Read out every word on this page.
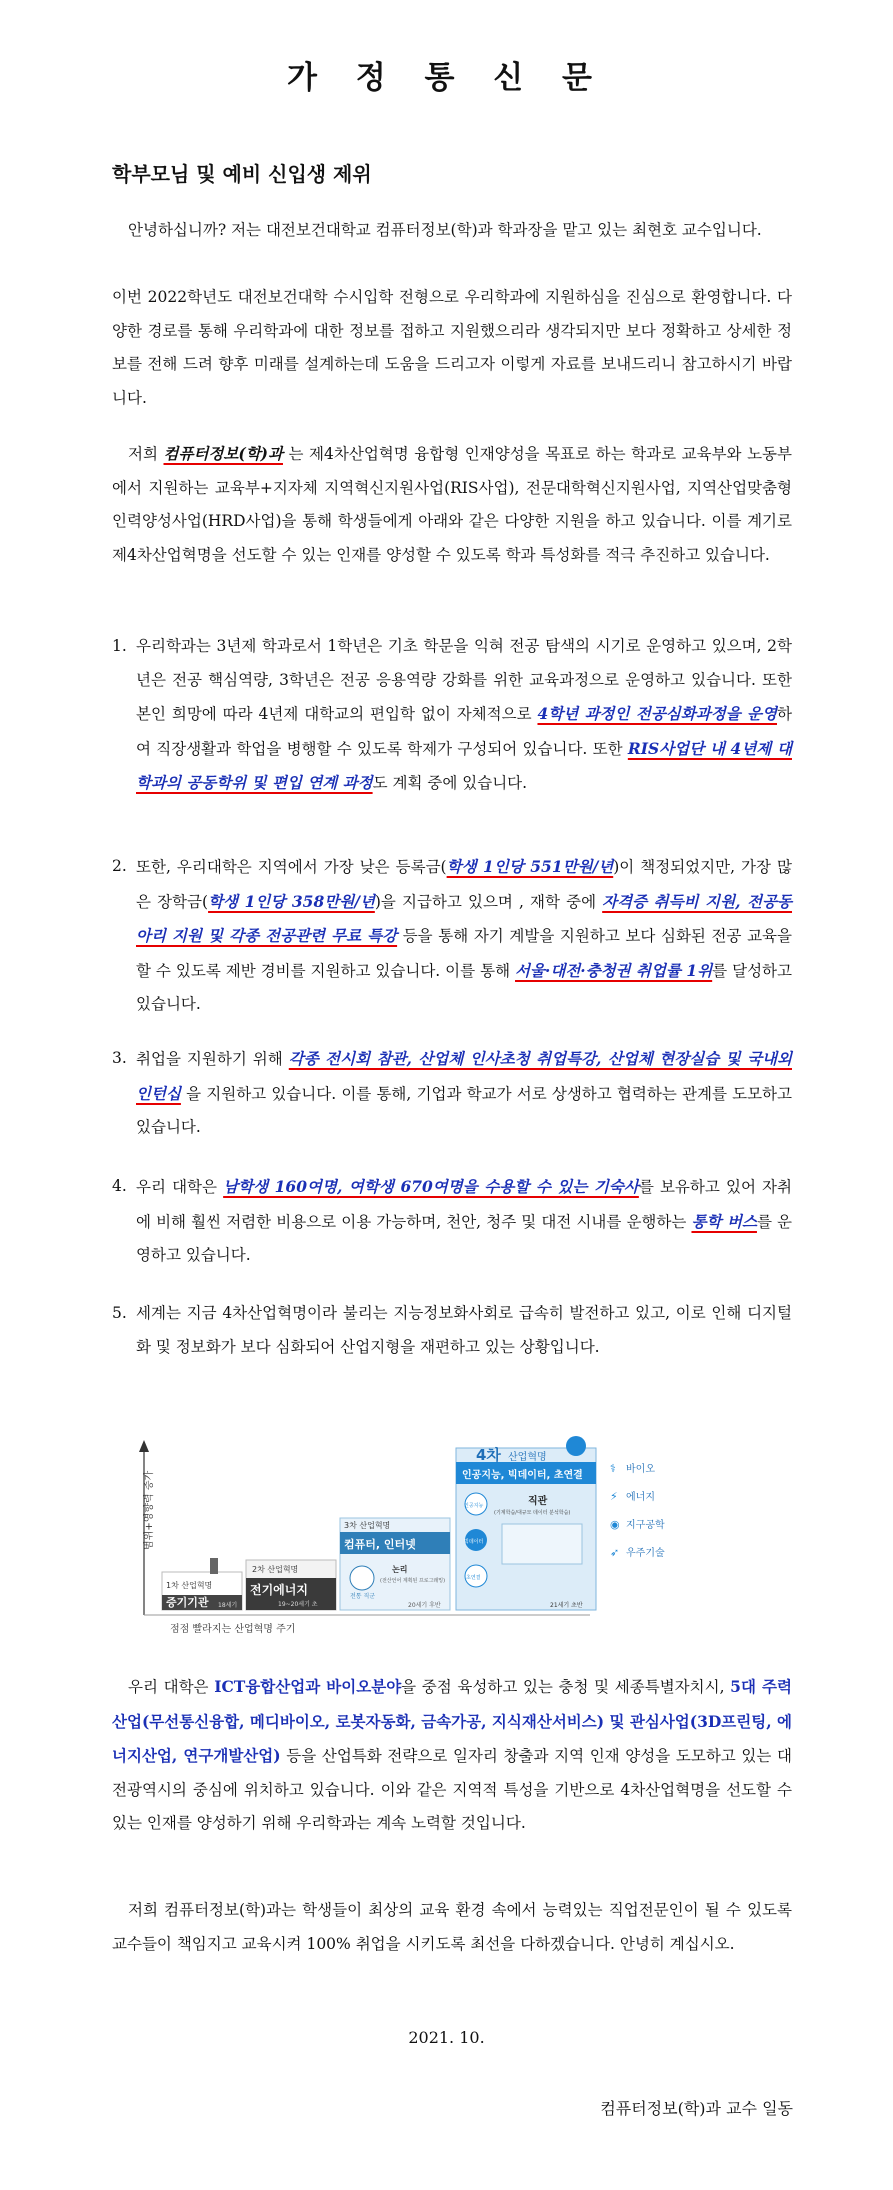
가 정 통 신 문
학부모님 및 예비 신입생 제위
안녕하십니까? 저는 대전보건대학교 컴퓨터정보(학)과 학과장을 맡고 있는 최현호 교수입니다.
이번 2022학년도 대전보건대학 수시입학 전형으로 우리학과에 지원하심을 진심으로 환영합니다. 다양한 경로를 통해 우리학과에 대한 정보를 접하고 지원했으리라 생각되지만 보다 정확하고 상세한 정보를 전해 드려 향후 미래를 설계하는데 도움을 드리고자 이렇게 자료를 보내드리니 참고하시기 바랍니다.
저희 컴퓨터정보(학)과 는 제4차산업혁명 융합형 인재양성을 목표로 하는 학과로 교육부와 노동부에서 지원하는 교육부+지자체 지역혁신지원사업(RIS사업), 전문대학혁신지원사업, 지역산업맞춤형 인력양성사업(HRD사업)을 통해 학생들에게 아래와 같은 다양한 지원을 하고 있습니다. 이를 계기로 제4차산업혁명을 선도할 수 있는 인재를 양성할 수 있도록 학과 특성화를 적극 추진하고 있습니다.
1. 우리학과는 3년제 학과로서 1학년은 기초 학문을 익혀 전공 탐색의 시기로 운영하고 있으며, 2학년은 전공 핵심역량, 3학년은 전공 응용역량 강화를 위한 교육과정으로 운영하고 있습니다. 또한 본인 희망에 따라 4년제 대학교의 편입학 없이 자체적으로 4학년 과정인 전공심화과정을 운영하여 직장생활과 학업을 병행할 수 있도록 학제가 구성되어 있습니다. 또한 RIS사업단 내 4년제 대학과의 공동학위 및 편입 연계 과정도 계획 중에 있습니다.
2. 또한, 우리대학은 지역에서 가장 낮은 등록금(학생 1인당 551만원/년)이 책정되었지만, 가장 많은 장학금(학생 1인당 358만원/년)을 지급하고 있으며 , 재학 중에 자격증 취득비 지원, 전공동아리 지원 및 각종 전공관련 무료 특강 등을 통해 자기 계발을 지원하고 보다 심화된 전공 교육을 할 수 있도록 제반 경비를 지원하고 있습니다. 이를 통해 서울·대전·충청권 취업률 1위를 달성하고 있습니다.
3. 취업을 지원하기 위해 각종 전시회 참관, 산업체 인사초청 취업특강, 산업체 현장실습 및 국내외 인턴십 을 지원하고 있습니다. 이를 통해, 기업과 학교가 서로 상생하고 협력하는 관계를 도모하고 있습니다.
4. 우리 대학은 남학생 160여명, 여학생 670여명을 수용할 수 있는 기숙사를 보유하고 있어 자취에 비해 훨씬 저렴한 비용으로 이용 가능하며, 천안, 청주 및 대전 시내를 운행하는 통학 버스를 운영하고 있습니다.
5. 세계는 지금 4차산업혁명이라 불리는 지능정보화사회로 급속히 발전하고 있고, 이로 인해 디지털화 및 정보화가 보다 심화되어 산업지형을 재편하고 있는 상황입니다.
범위+영향력 증가
점점 빨라지는 산업혁명 주기
1차 산업혁명
증기기관 18세기
2차 산업혁명
전기에너지
19~20세기 초
3차 산업혁명
컴퓨터, 인터넷
전통 직군
논리
(전산언어 계획된 프로그래밍)
20세기 후반
4차 산업혁명
인공지능, 빅데이터, 초연결
인공지능
빅데이터
초연결
직관
(기계학습/대규모 데이터 분석학습)
21세기 초반
⚕ 바이오
⚡ 에너지
◉ 지구공학
➶ 우주기술
우리 대학은 ICT융합산업과 바이오분야을 중점 육성하고 있는 충청 및 세종특별자치시, 5대 주력산업(무선통신융합, 메디바이오, 로봇자동화, 금속가공, 지식재산서비스) 및 관심사업(3D프린팅, 에너지산업, 연구개발산업) 등을 산업특화 전략으로 일자리 창출과 지역 인재 양성을 도모하고 있는 대전광역시의 중심에 위치하고 있습니다. 이와 같은 지역적 특성을 기반으로 4차산업혁명을 선도할 수 있는 인재를 양성하기 위해 우리학과는 계속 노력할 것입니다.
저희 컴퓨터정보(학)과는 학생들이 최상의 교육 환경 속에서 능력있는 직업전문인이 될 수 있도록 교수들이 책임지고 교육시켜 100% 취업을 시키도록 최선을 다하겠습니다. 안녕히 계십시오.
2021. 10.
컴퓨터정보(학)과 교수 일동
